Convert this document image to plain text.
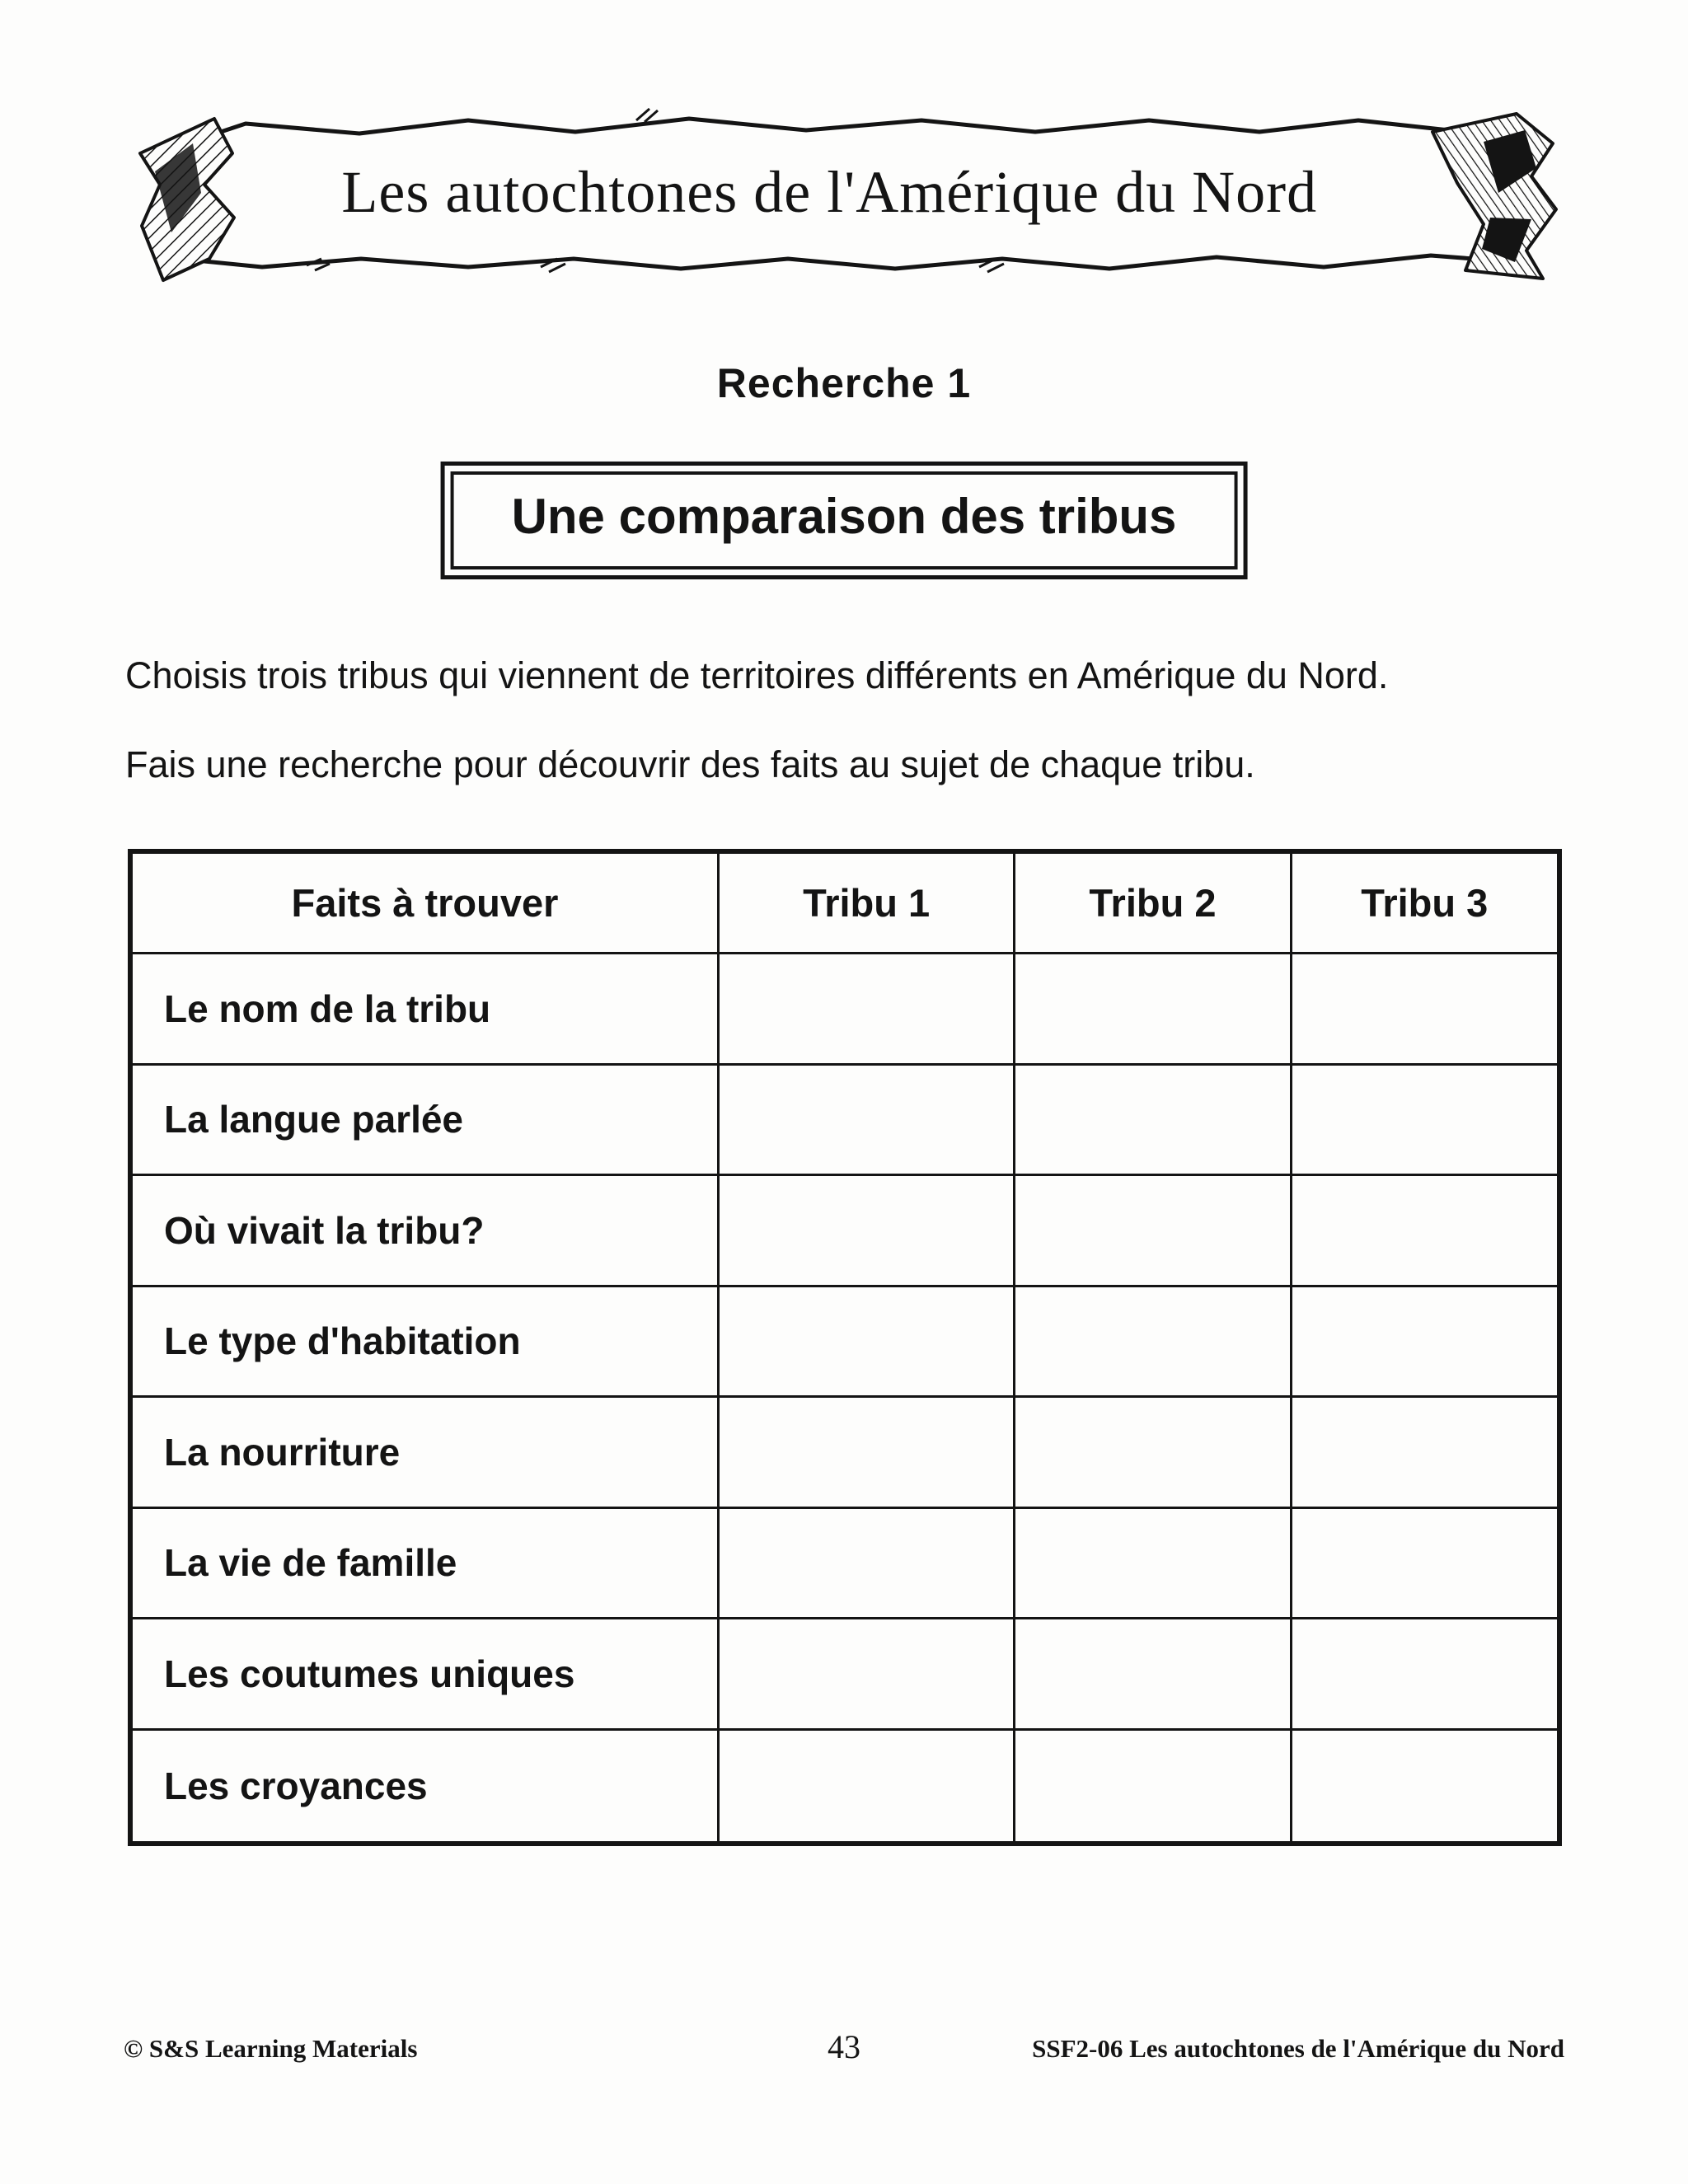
Les autochtones de l'Amérique du Nord
Recherche 1
Une comparaison des tribus
Choisis trois tribus qui viennent de territoires différents en Amérique du Nord.
Fais une recherche pour découvrir des faits au sujet de chaque tribu.
Faits à trouver	Tribu 1	Tribu 2	Tribu 3
Le nom de la tribu
La langue parlée
Où vivait la tribu?
Le type d'habitation
La nourriture
La vie de famille
Les coutumes uniques
Les croyances
© S&S Learning Materials	43	SSF2-06 Les autochtones de l'Amérique du Nord
